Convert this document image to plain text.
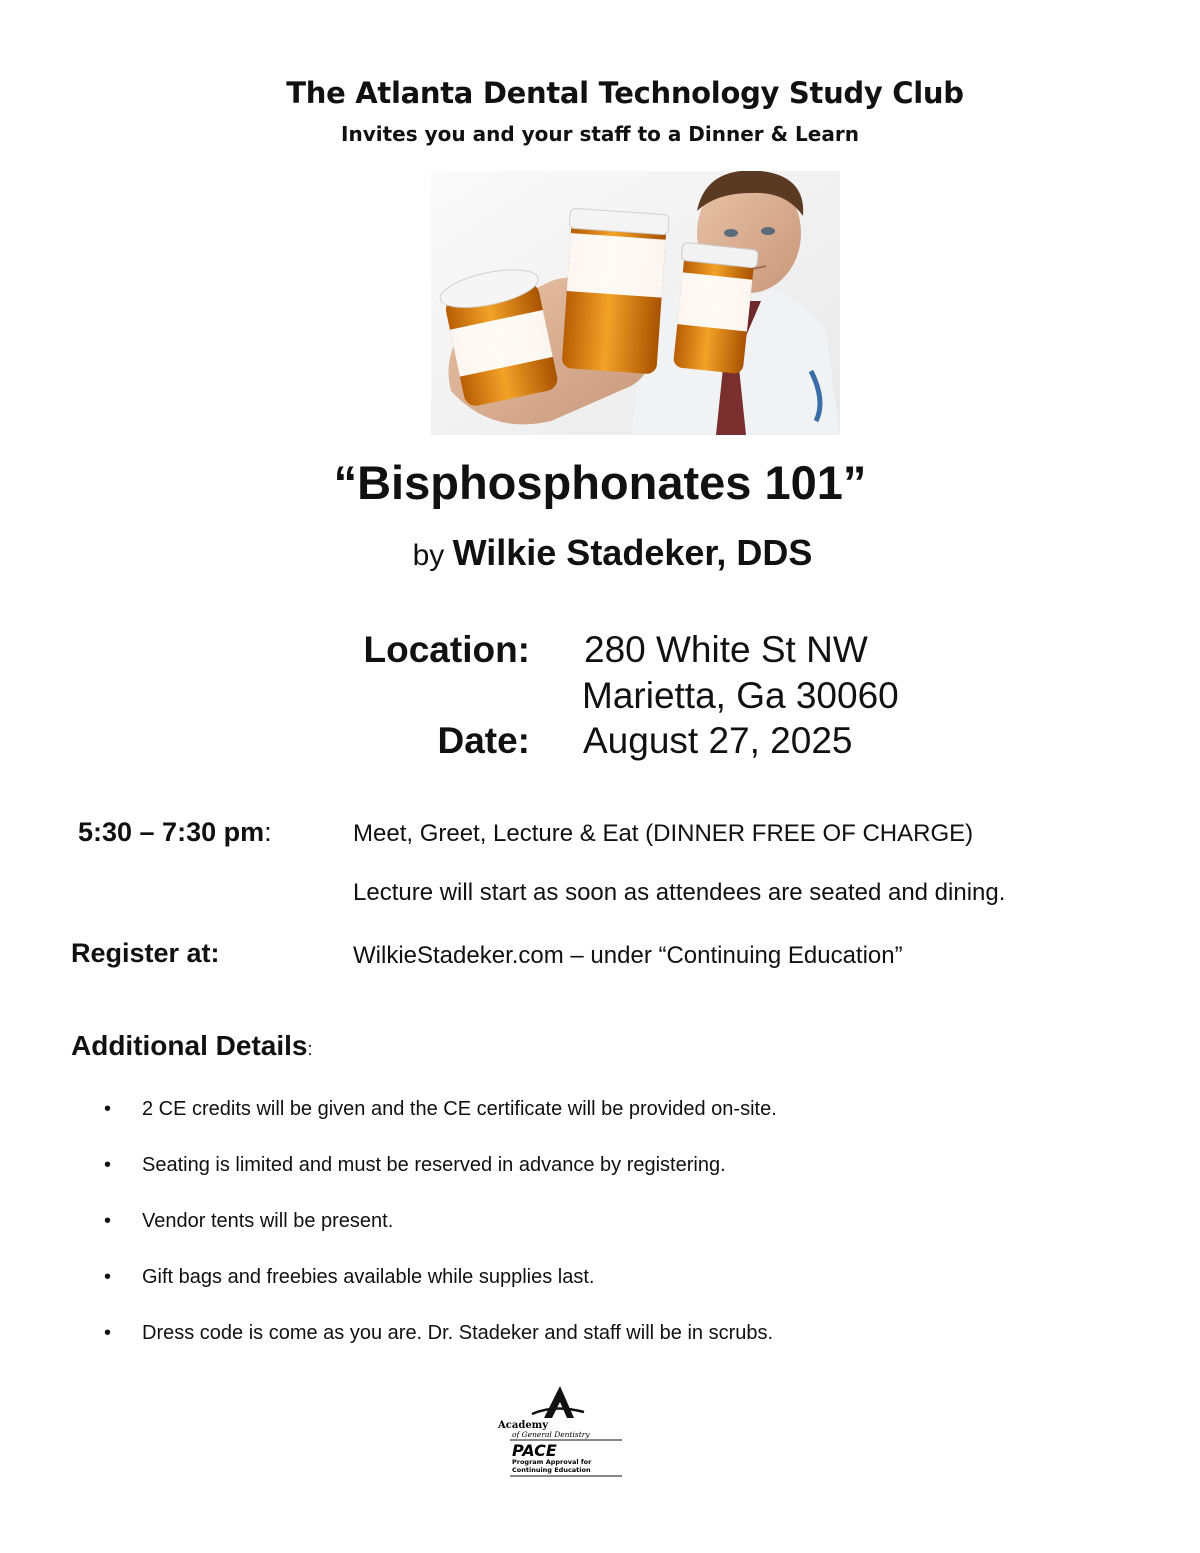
The Atlanta Dental Technology Study Club
Invites you and your staff to a Dinner & Learn
“Bisphosphonates 101”
by Wilkie Stadeker, DDS
Location: 280 White St NW
Marietta, Ga 30060
Date: August 27, 2025
5:30 – 7:30 pm:	Meet, Greet, Lecture & Eat (DINNER FREE OF CHARGE)
Lecture will start as soon as attendees are seated and dining.
Register at:	WilkieStadeker.com – under “Continuing Education”
Additional Details:
• 2 CE credits will be given and the CE certificate will be provided on-site.
• Seating is limited and must be reserved in advance by registering.
• Vendor tents will be present.
• Gift bags and freebies available while supplies last.
• Dress code is come as you are. Dr. Stadeker and staff will be in scrubs.
Academy
of General Dentistry
PACE
Program Approval for
Continuing Education
